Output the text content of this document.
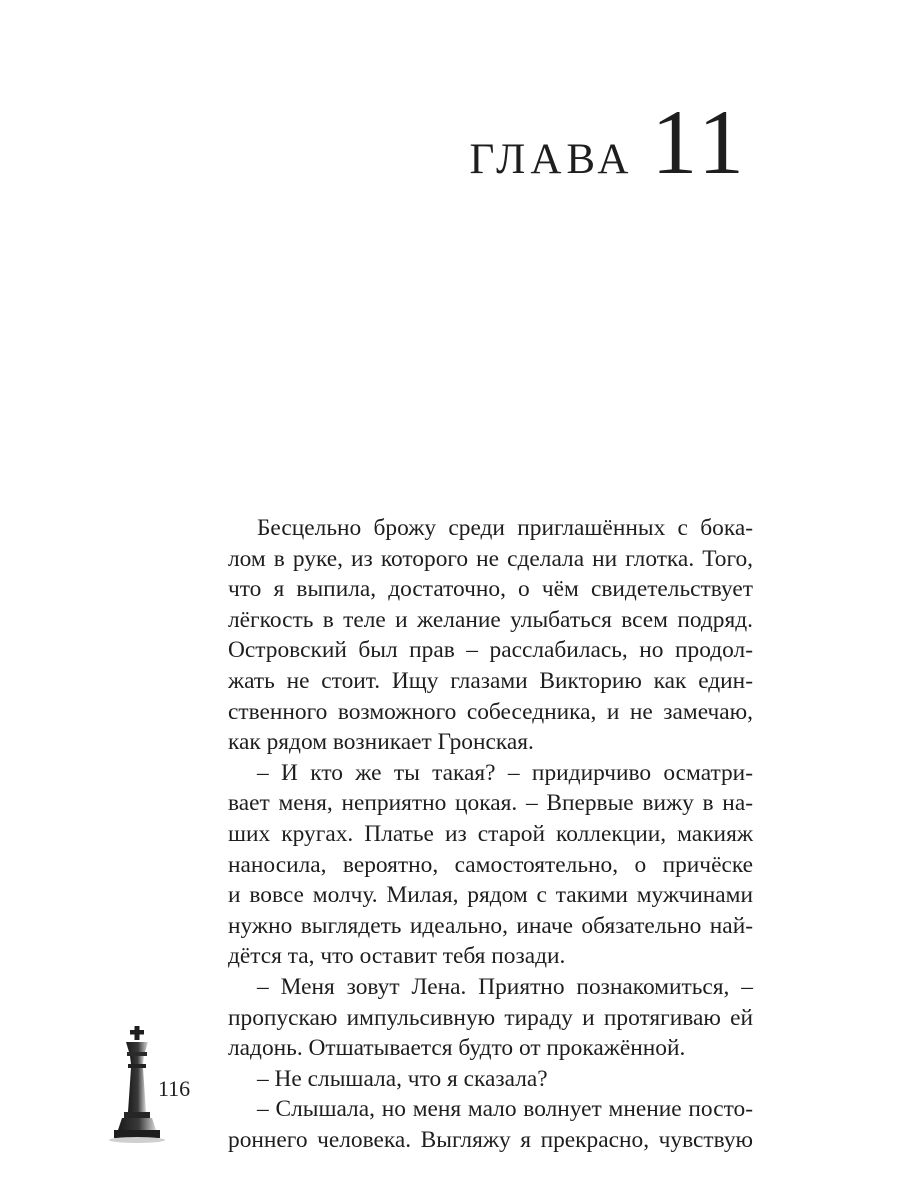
ГЛАВА 11
Бесцельно брожу среди приглашённых с бока-
лом в руке, из которого не сделала ни глотка. Того,
что я выпила, достаточно, о чём свидетельствует
лёгкость в теле и желание улыбаться всем подряд.
Островский был прав – расслабилась, но продол-
жать не стоит. Ищу глазами Викторию как един-
ственного возможного собеседника, и не замечаю,
как рядом возникает Гронская.
– И кто же ты такая? – придирчиво осматри-
вает меня, неприятно цокая. – Впервые вижу в на-
ших кругах. Платье из старой коллекции, макияж
наносила, вероятно, самостоятельно, о причёске
и вовсе молчу. Милая, рядом с такими мужчинами
нужно выглядеть идеально, иначе обязательно най-
дётся та, что оставит тебя позади.
– Меня зовут Лена. Приятно познакомиться, –
пропускаю импульсивную тираду и протягиваю ей
ладонь. Отшатывается будто от прокажённой.
– Не слышала, что я сказала?
– Слышала, но меня мало волнует мнение посто-
роннего человека. Выгляжу я прекрасно, чувствую
116
